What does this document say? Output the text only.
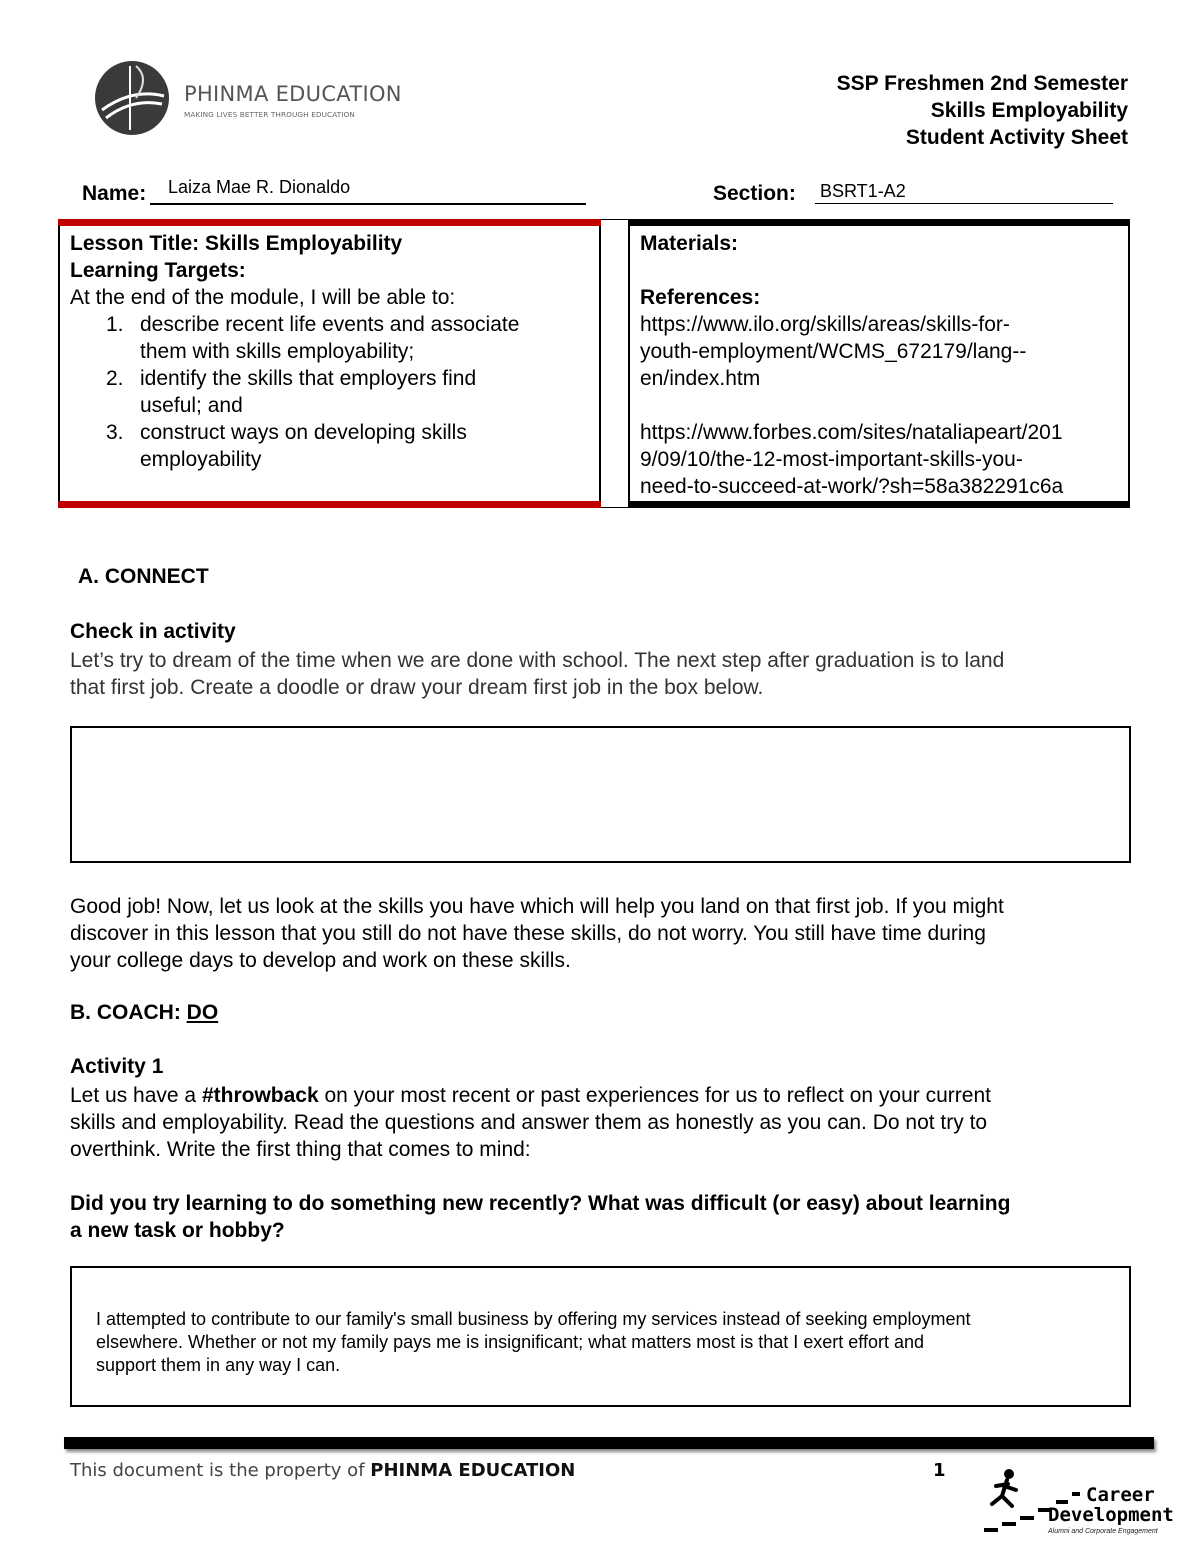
PHINMA EDUCATION
MAKING LIVES BETTER THROUGH EDUCATION
SSP Freshmen 2nd Semester
Skills Employability
Student Activity Sheet
Name: Laiza Mae R. Dionaldo	Section: BSRT1-A2
Lesson Title: Skills Employability
Learning Targets:
At the end of the module, I will be able to:
1. describe recent life events and associate
them with skills employability;
2. identify the skills that employers find
useful; and
3. construct ways on developing skills
employability
Materials:
References:
https://www.ilo.org/skills/areas/skills-for-
youth-employment/WCMS_672179/lang--
en/index.htm
https://www.forbes.com/sites/nataliapeart/201
9/09/10/the-12-most-important-skills-you-
need-to-succeed-at-work/?sh=58a382291c6a
A. CONNECT
Check in activity
Let’s try to dream of the time when we are done with school. The next step after graduation is to land
that first job. Create a doodle or draw your dream first job in the box below.
Good job! Now, let us look at the skills you have which will help you land on that first job. If you might
discover in this lesson that you still do not have these skills, do not worry. You still have time during
your college days to develop and work on these skills.
B. COACH: DO
Activity 1
Let us have a #throwback on your most recent or past experiences for us to reflect on your current
skills and employability. Read the questions and answer them as honestly as you can. Do not try to
overthink. Write the first thing that comes to mind:
Did you try learning to do something new recently? What was difficult (or easy) about learning
a new task or hobby?
I attempted to contribute to our family's small business by offering my services instead of seeking employment
elsewhere. Whether or not my family pays me is insignificant; what matters most is that I exert effort and
support them in any way I can.
This document is the property of PHINMA EDUCATION	1
Career
Development
Alumni and Corporate Engagement
